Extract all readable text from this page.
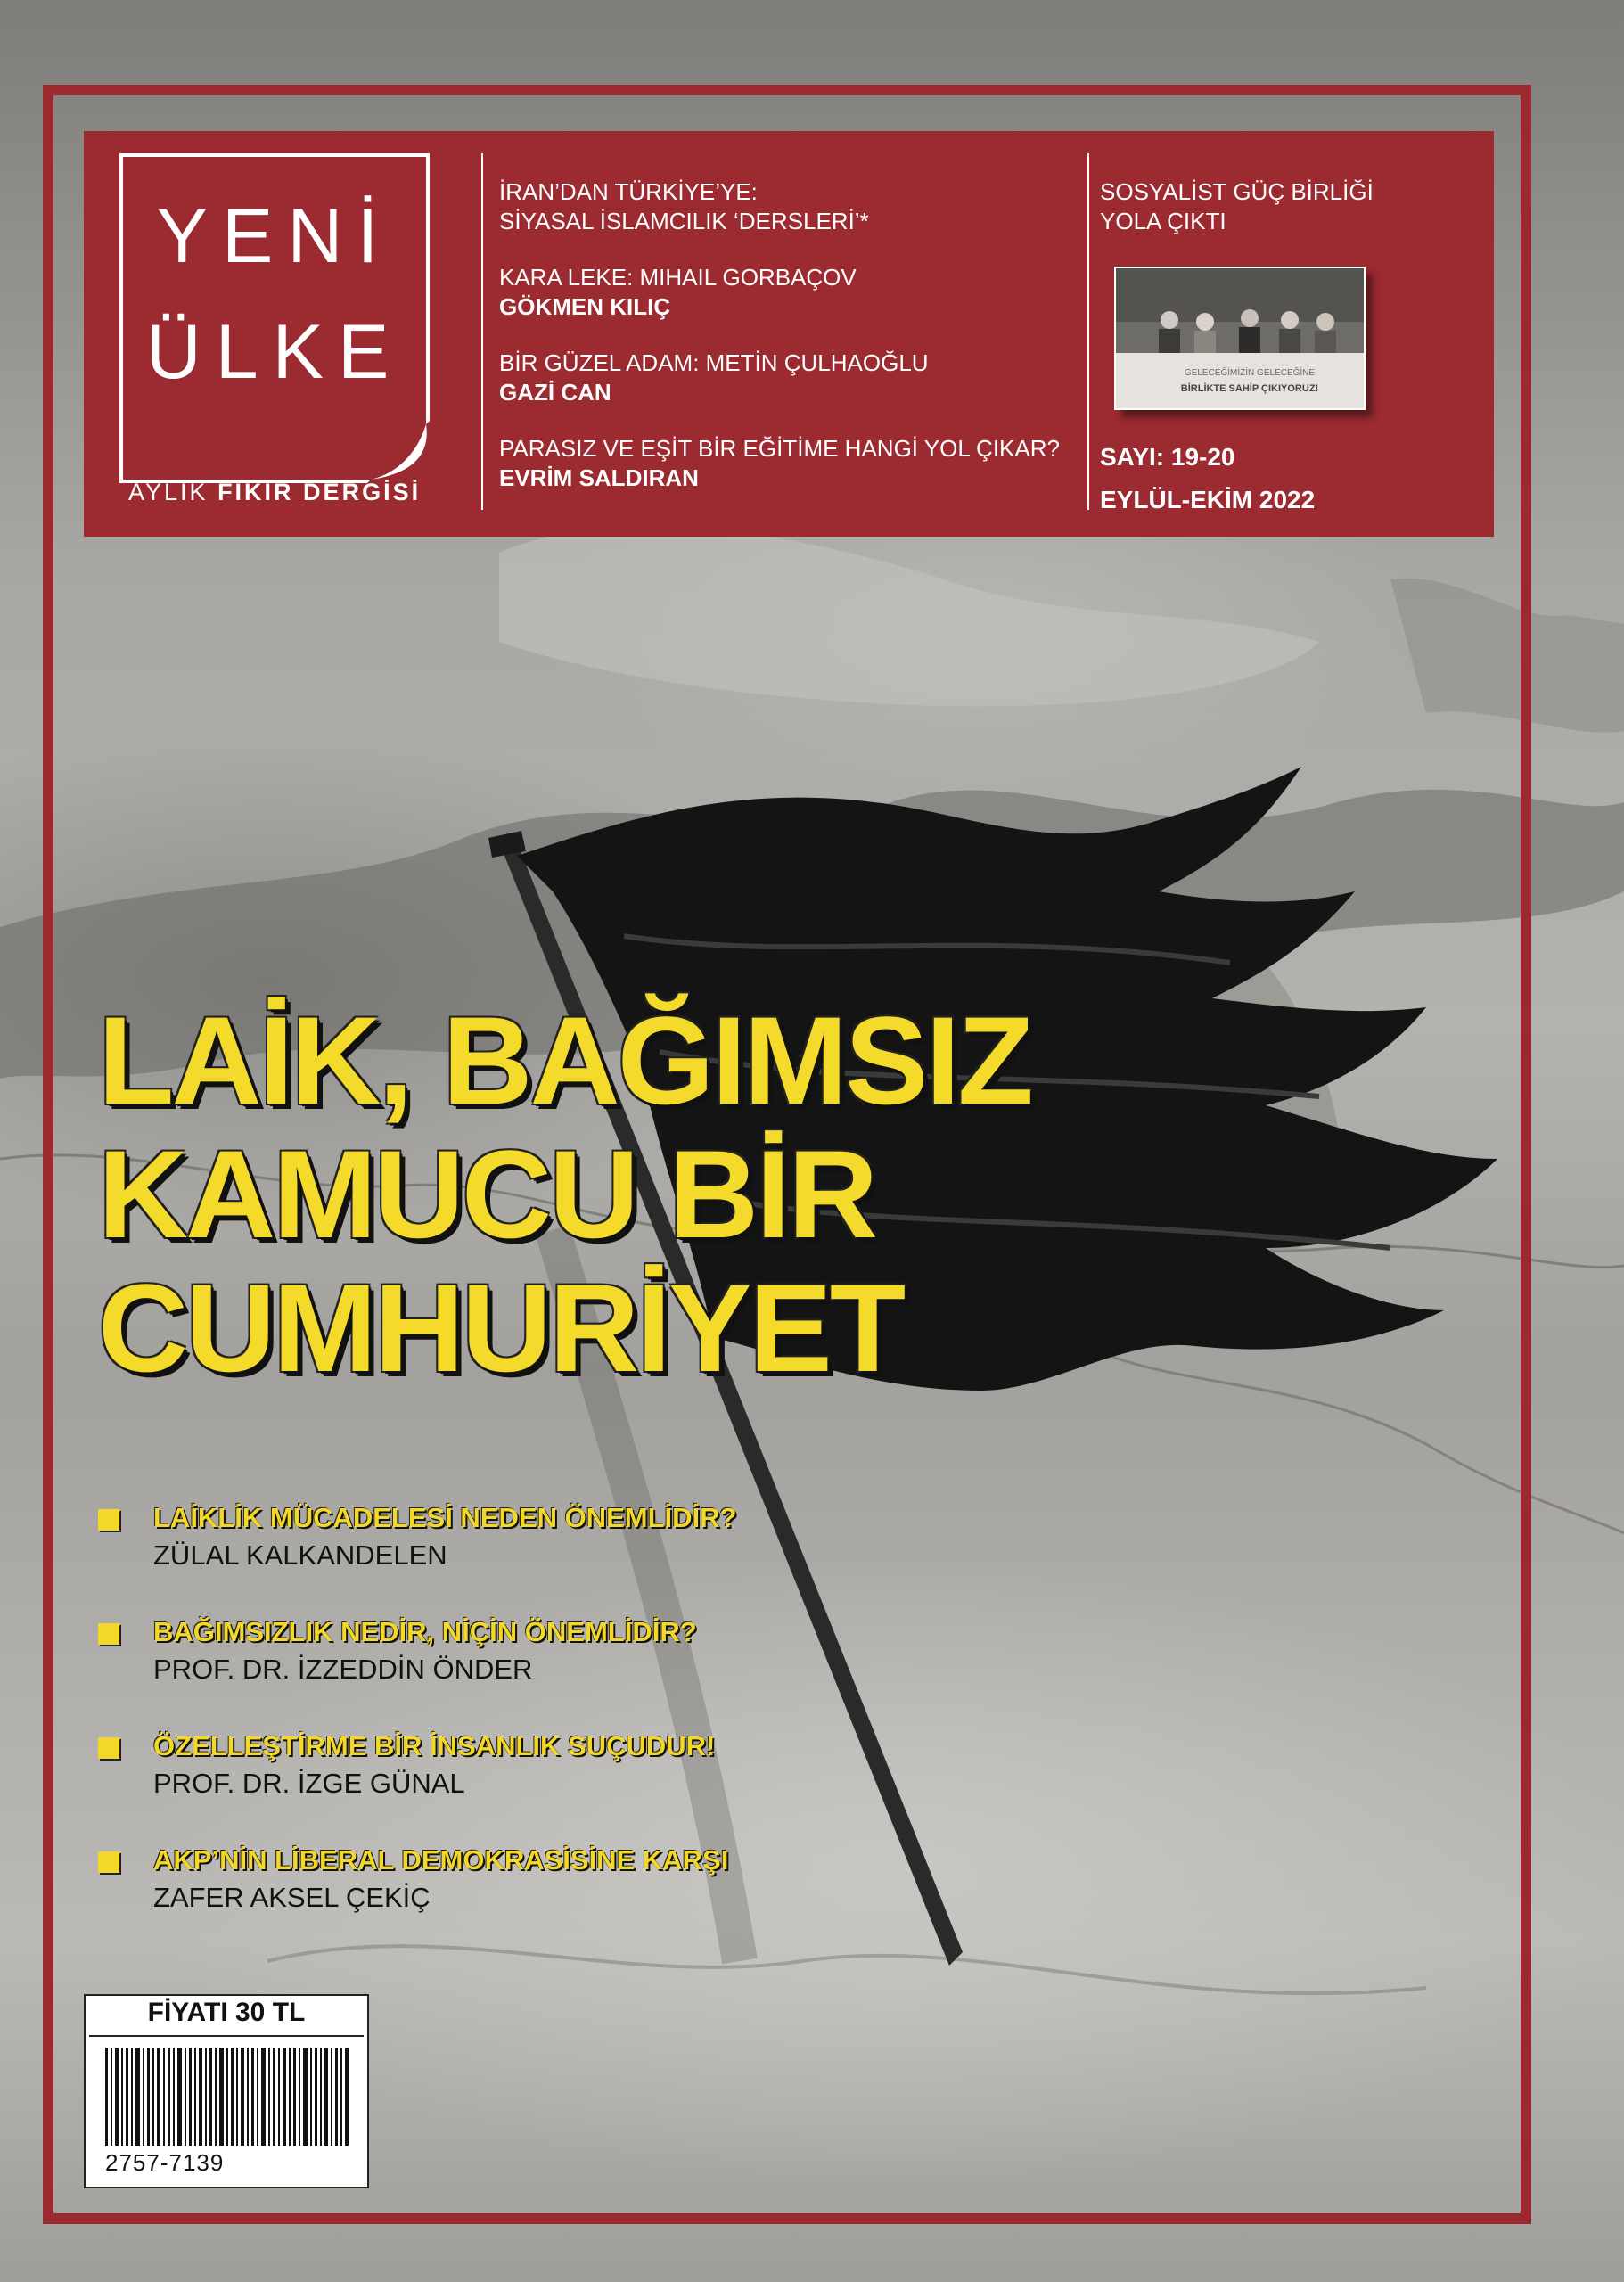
YENİ
ÜLKE
AYLIK FİKİR DERGİSİ
İRAN’DAN TÜRKİYE’YE:
SİYASAL İSLAMCILIK ‘DERSLERİ’*
KARA LEKE: MIHAIL GORBAÇOV
GÖKMEN KILIÇ
BİR GÜZEL ADAM: METİN ÇULHAOĞLU
GAZİ CAN
PARASIZ VE EŞİT BİR EĞİTİME HANGİ YOL ÇIKAR?
EVRİM SALDIRAN
SOSYALİST GÜÇ BİRLİĞİ
YOLA ÇIKTI
GELECEĞİMİZİN GELECEĞİNE
BİRLİKTE SAHİP ÇIKIYORUZ!
SAYI: 19-20
EYLÜL-EKİM 2022
LAİK, BAĞIMSIZ
KAMUCU BİR
CUMHURİYET
LAİKLİK MÜCADELESİ NEDEN ÖNEMLİDİR?
ZÜLAL KALKANDELEN
BAĞIMSIZLIK NEDİR, NİÇİN ÖNEMLİDİR?
PROF. DR. İZZEDDİN ÖNDER
ÖZELLEŞTİRME BİR İNSANLIK SUÇUDUR!
PROF. DR. İZGE GÜNAL
AKP’NİN LİBERAL DEMOKRASİSİNE KARŞI
ZAFER AKSEL ÇEKİÇ
FİYATI 30 TL
2757-7139
